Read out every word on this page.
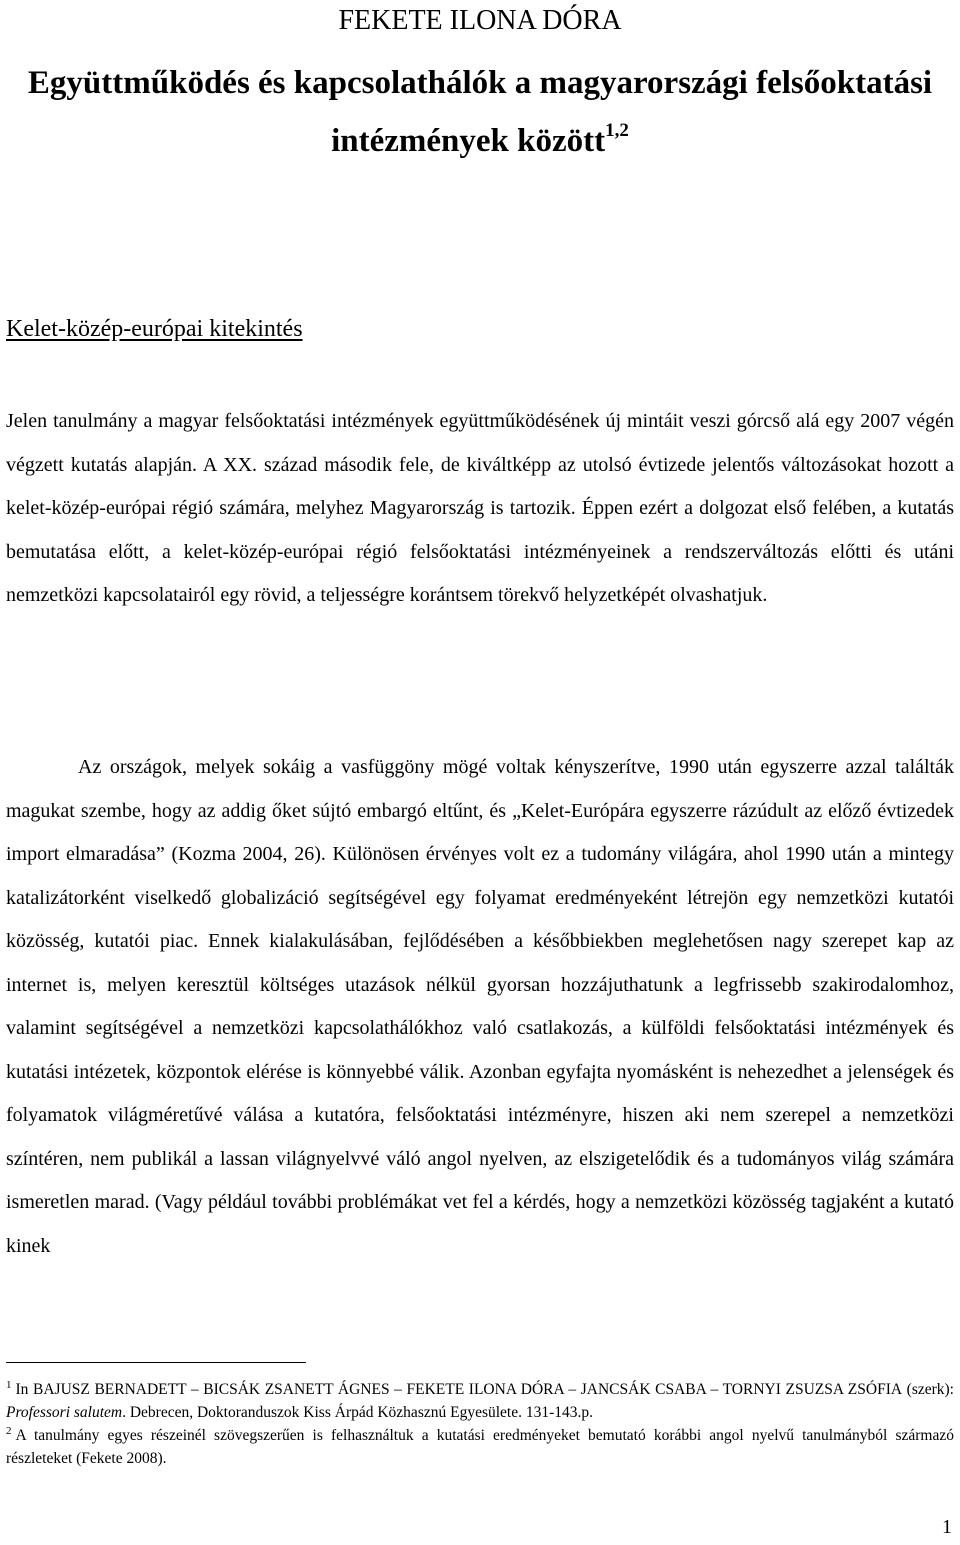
FEKETE ILONA DÓRA
Együttműködés és kapcsolathálók a magyarországi felsőoktatási
intézmények között$^{1,2}$
Kelet-közép-európai kitekintés

Jelen tanulmány a magyar felsőoktatási intézmények együttműködésének új mintáit veszi górcső alá egy 2007 végén végzett kutatás alapján. A XX. század második fele, de kiváltképp az utolsó évtizede jelentős változásokat hozott a kelet-közép-európai régió számára, melyhez Magyarország is tartozik. Éppen ezért a dolgozat első felében, a kutatás bemutatása előtt, a kelet-közép-európai régió felsőoktatási intézményeinek a rendszerváltozás előtti és utáni nemzetközi kapcsolatairól egy rövid, a teljességre korántsem törekvő helyzetképét olvashatjuk.

Az országok, melyek sokáig a vasfüggöny mögé voltak kényszerítve, 1990 után egyszerre azzal találták magukat szembe, hogy az addig őket sújtó embargó eltűnt, és „Kelet-Európára egyszerre rázúdult az előző évtizedek import elmaradása” (Kozma 2004, 26). Különösen érvényes volt ez a tudomány világára, ahol 1990 után a mintegy katalizátorként viselkedő globalizáció segítségével egy folyamat eredményeként létrejön egy nemzetközi kutatói közösség, kutatói piac. Ennek kialakulásában, fejlődésében a későbbiekben meglehetősen nagy szerepet kap az internet is, melyen keresztül költséges utazások nélkül gyorsan hozzájuthatunk a legfrissebb szakirodalomhoz, valamint segítségével a nemzetközi kapcsolathálókhoz való csatlakozás, a külföldi felsőoktatási intézmények és kutatási intézetek, központok elérése is könnyebbé válik. Azonban egyfajta nyomásként is nehezedhet a jelenségek és folyamatok világméretűvé válása a kutatóra, felsőoktatási intézményre, hiszen aki nem szerepel a nemzetközi színtéren, nem publikál a lassan világnyelvvé váló angol nyelven, az elszigetelődik és a tudományos világ számára ismeretlen marad. (Vagy például további problémákat vet fel a kérdés, hogy a nemzetközi közösség tagjaként a kutató kinek

$^1$ In BAJUSZ BERNADETT – BICSÁK ZSANETT ÁGNES – FEKETE ILONA DÓRA – JANCSÁK CSABA – TORNYI ZSUZSA ZSÓFIA (szerk): Professori salutem. Debrecen, Doktoranduszok Kiss Árpád Közhasznú Egyesülete. 131-143.p.

$^2$ A tanulmány egyes részeinél szövegszerűen is felhasználtuk a kutatási eredményeket bemutató korábbi angol nyelvű tanulmányból származó részleteket (Fekete 2008).

1
